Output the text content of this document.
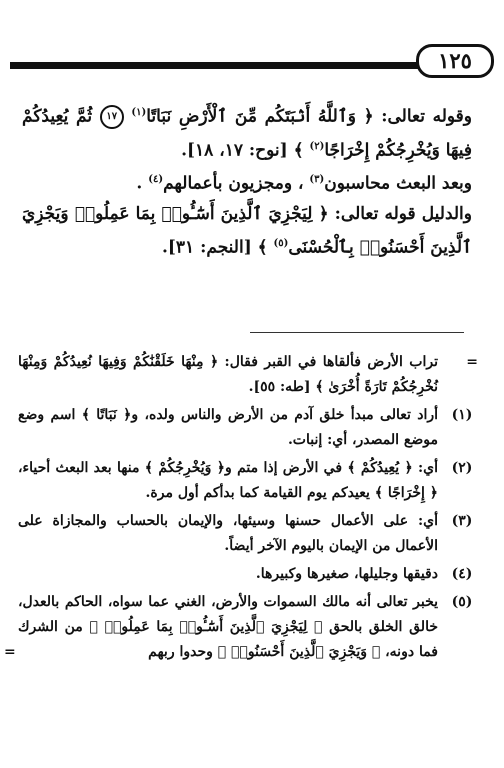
١٢٥

وقوله تعالى: ﴿ وَٱللَّهُ أَنۢبَتَكُم مِّنَ ٱلْأَرْضِ نَبَاتًا$^{(١)}$ ١٧ ثُمَّ يُعِيدُكُمْ فِيهَا وَيُخْرِجُكُمْ إِخْرَاجًا$^{(٢)}$ ﴾ [نوح: ١٧، ١٨].

وبعد البعث محاسبون$^{(٣)}$ ، ومجزيون بأعمالهم$^{(٤)}$ .

والدليل قوله تعالى: ﴿ لِيَجْزِيَ ٱلَّذِينَ أَسَٰٓـُٔوا۟ بِمَا عَمِلُوا۟ وَيَجْزِيَ ٱلَّذِينَ أَحْسَنُوا۟ بِٱلْحُسْنَى$^{(٥)}$ ﴾ [النجم: ٣١].

=
تراب الأرض فألقاها في القبر فقال: ﴿ مِنْهَا خَلَقْنَٰكُمْ وَفِيهَا نُعِيدُكُمْ وَمِنْهَا نُخْرِجُكُمْ تَارَةً أُخْرَىٰ ﴾ [طه: ٥٥].
(١)
أراد تعالى مبدأ خلق آدم من الأرض والناس ولده، و﴿ نَبَاتًا ﴾ اسم وضع موضع المصدر، أي: إنبات.
(٢)
أي: ﴿ يُعِيدُكُمْ ﴾ في الأرض إذا متم و﴿ وَيُخْرِجُكُمْ ﴾ منها بعد البعث أحياء، ﴿ إِخْرَاجًا ﴾ يعيدكم يوم القيامة كما بدأكم أول مرة.
(٣)
أي: على الأعمال حسنها وسيئها، والإيمان بالحساب والمجازاة على الأعمال من الإيمان باليوم الآخر أيضاً.
(٤)
دقيقها وجليلها، صغيرها وكبيرها.
(٥)
يخبر تعالى أنه مالك السموات والأرض، الغني عما سواه، الحاكم بالعدل، خالق الخلق بالحق ﴿ لِيَجْزِيَ ٱلَّذِينَ أَسَٰٓـُٔوا۟ بِمَا عَمِلُوا۟ ﴾ من الشرك فما دونه، ﴿ وَيَجْزِيَ ٱلَّذِينَ أَحْسَنُوا۟ ﴾ وحدوا ربهم
=
